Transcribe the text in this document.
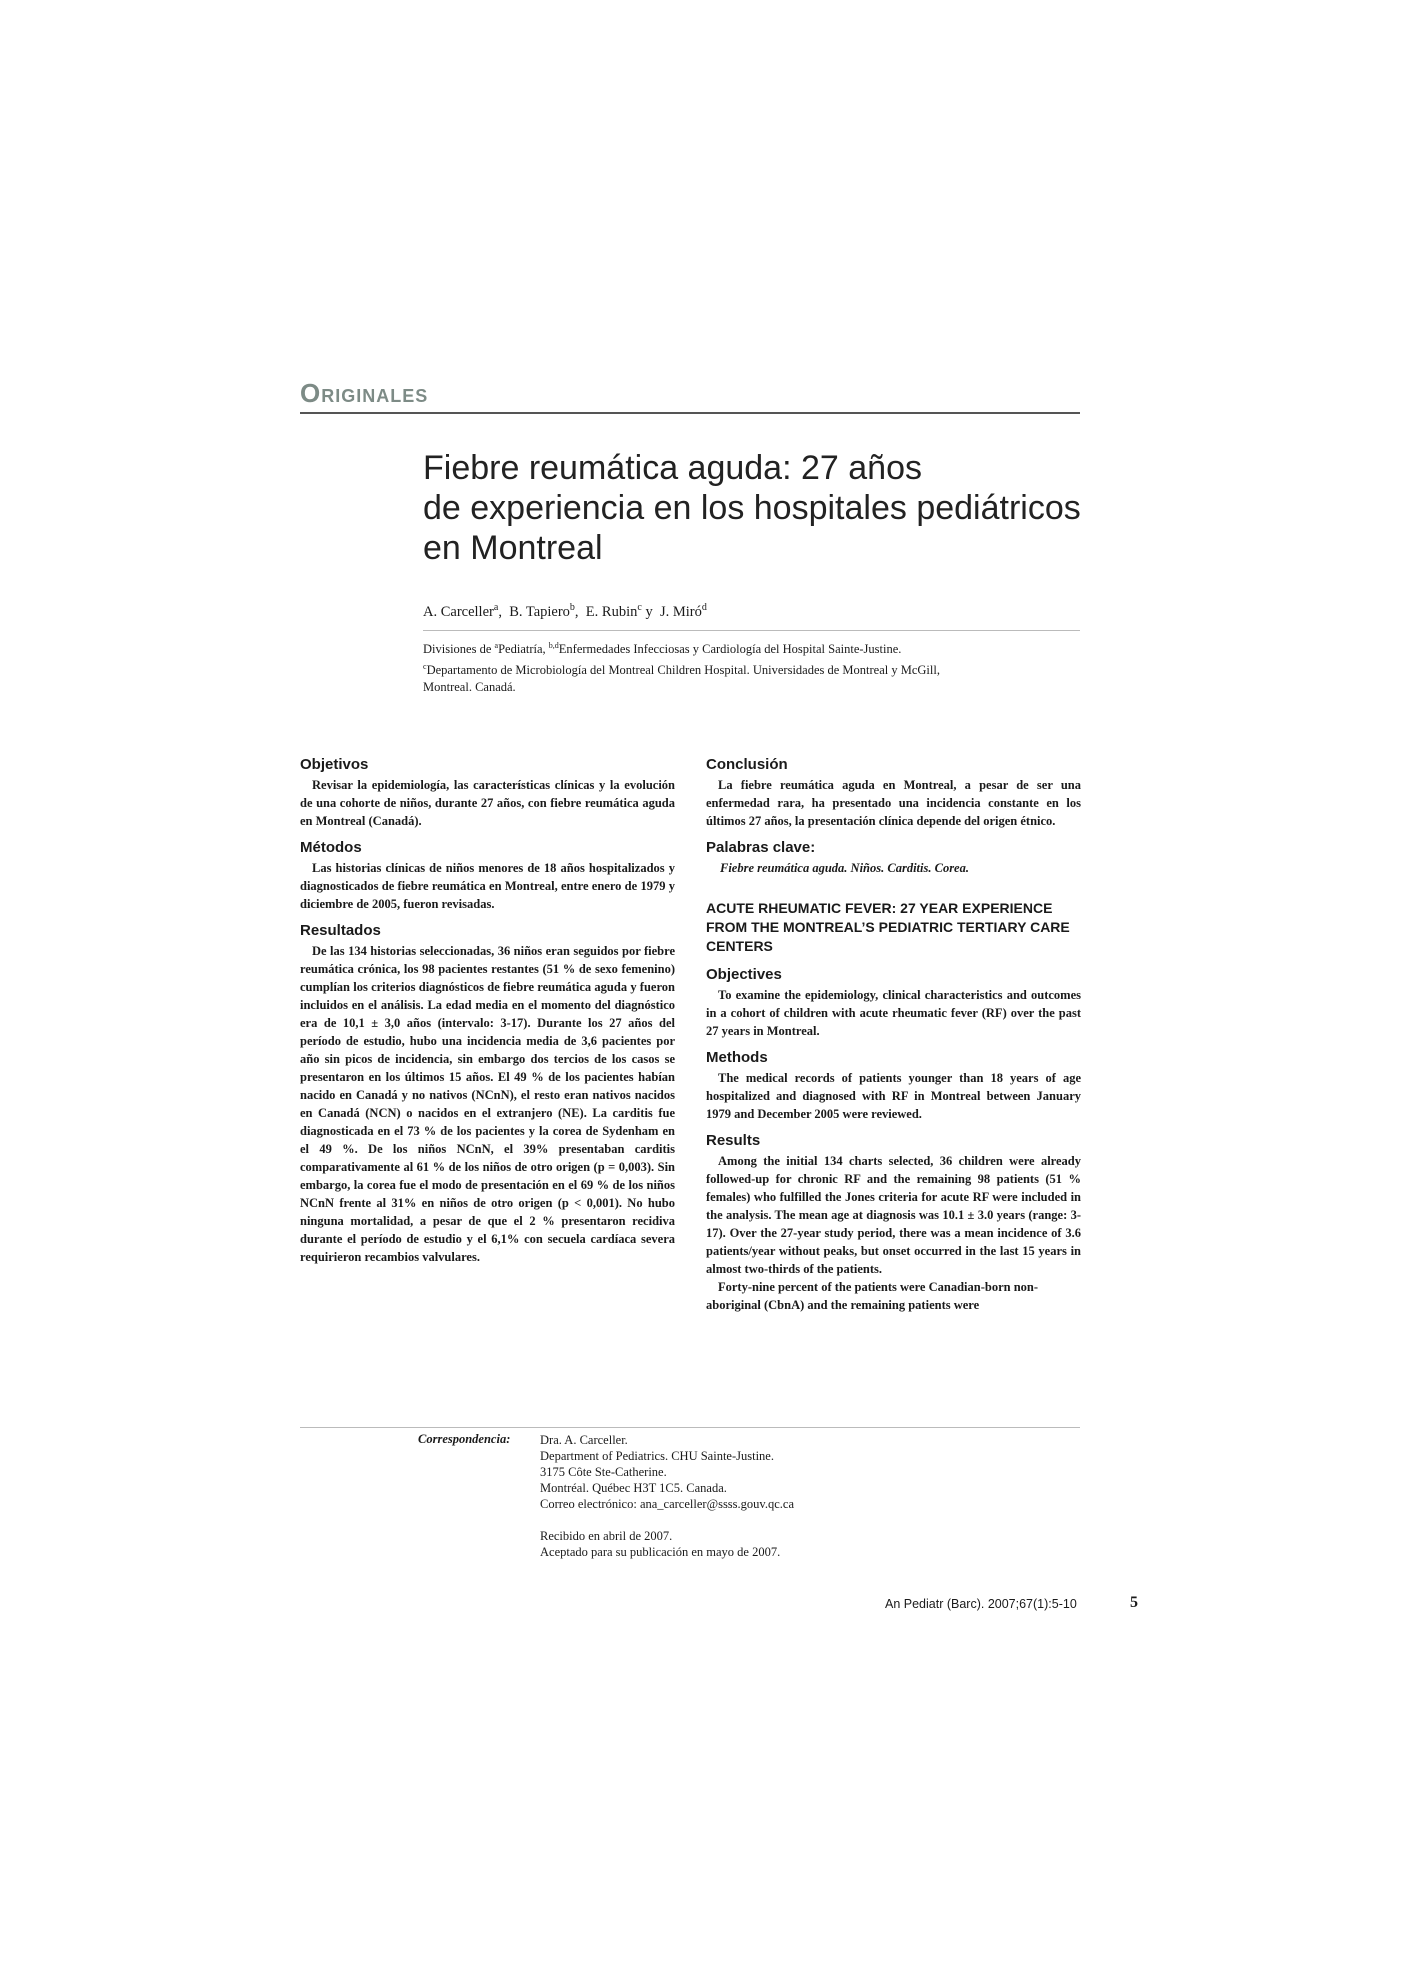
Originales
Fiebre reumática aguda: 27 años
de experiencia en los hospitales pediátricos
en Montreal
A. Carceller$^a$,  B. Tapiero$^b$,  E. Rubin$^c$ y  J. Miró$^d$
Divisiones de $^a$Pediatría, $^{b,d}$Enfermedades Infecciosas y Cardiología del Hospital Sainte-Justine.
$^c$Departamento de Microbiología del Montreal Children Hospital. Universidades de Montreal y McGill,
Montreal. Canadá.
Objetivos

Revisar la epidemiología, las características clínicas y la evolución de una cohorte de niños, durante 27 años, con fiebre reumática aguda en Montreal (Canadá).

Métodos

Las historias clínicas de niños menores de 18 años hospitalizados y diagnosticados de fiebre reumática en Montreal, entre enero de 1979 y diciembre de 2005, fueron revisadas.

Resultados

De las 134 historias seleccionadas, 36 niños eran seguidos por fiebre reumática crónica, los 98 pacientes restantes (51 % de sexo femenino) cumplían los criterios diagnósticos de fiebre reumática aguda y fueron incluidos en el análisis. La edad media en el momento del diagnóstico era de 10,1 ± 3,0 años (intervalo: 3-17). Durante los 27 años del período de estudio, hubo una incidencia media de 3,6 pacientes por año sin picos de incidencia, sin embargo dos tercios de los casos se presentaron en los últimos 15 años. El 49 % de los pacientes habían nacido en Canadá y no nativos (NCnN), el resto eran nativos nacidos en Canadá (NCN) o nacidos en el extranjero (NE). La carditis fue diagnosticada en el 73 % de los pacientes y la corea de Sydenham en el 49 %. De los niños NCnN, el 39% presentaban carditis comparativamente al 61 % de los niños de otro origen (p = 0,003). Sin embargo, la corea fue el modo de presentación en el 69 % de los niños NCnN frente al 31% en niños de otro origen (p < 0,001). No hubo ninguna mortalidad, a pesar de que el 2 % presentaron recidiva durante el período de estudio y el 6,1% con secuela cardíaca severa requirieron recambios valvulares.

Conclusión

La fiebre reumática aguda en Montreal, a pesar de ser una enfermedad rara, ha presentado una incidencia constante en los últimos 27 años, la presentación clínica depende del origen étnico.

Palabras clave:

Fiebre reumática aguda. Niños. Carditis. Corea.

ACUTE RHEUMATIC FEVER: 27 YEAR EXPERIENCE FROM THE MONTREAL’S PEDIATRIC TERTIARY CARE CENTERS
Objectives

To examine the epidemiology, clinical characteristics and outcomes in a cohort of children with acute rheumatic fever (RF) over the past 27 years in Montreal.

Methods

The medical records of patients younger than 18 years of age hospitalized and diagnosed with RF in Montreal between January 1979 and December 2005 were reviewed.

Results

Among the initial 134 charts selected, 36 children were already followed-up for chronic RF and the remaining 98 patients (51 % females) who fulfilled the Jones criteria for acute RF were included in the analysis. The mean age at diagnosis was 10.1 ± 3.0 years (range: 3-17). Over the 27-year study period, there was a mean incidence of 3.6 patients/year without peaks, but onset occurred in the last 15 years in almost two-thirds of the patients.

Forty-nine percent of the patients were Canadian-born non-aboriginal (CbnA) and the remaining patients were

Correspondencia: Dra. A. Carceller.
Department of Pediatrics. CHU Sainte-Justine.
3175 Côte Ste-Catherine.
Montréal. Québec H3T 1C5. Canada.
Correo electrónico: ana_carceller@ssss.gouv.qc.ca
Recibido en abril de 2007.
Aceptado para su publicación en mayo de 2007.
An Pediatr (Barc). 2007;67(1):5-10	5
